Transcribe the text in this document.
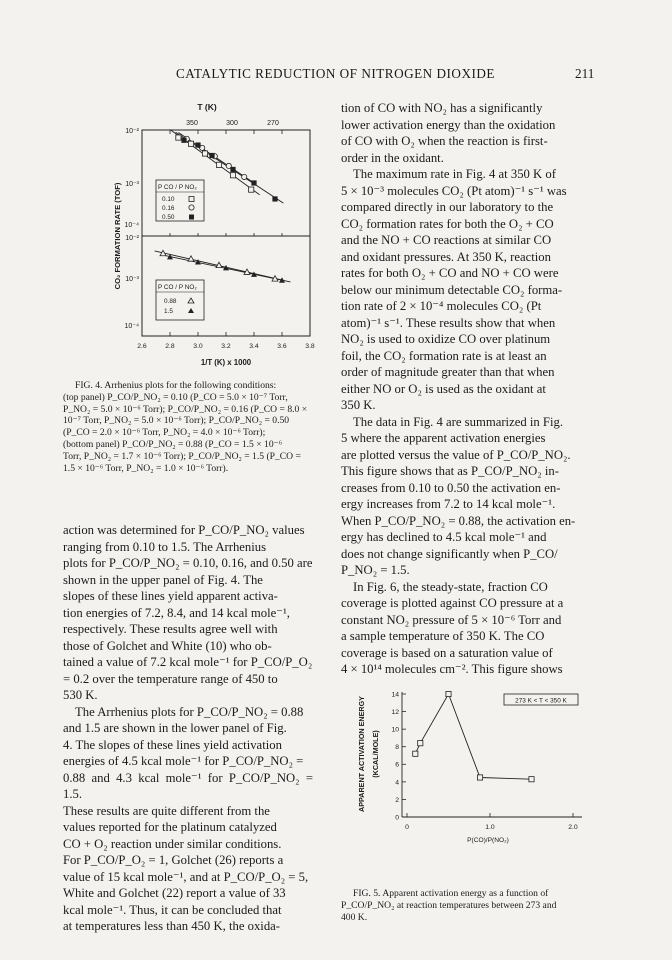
CATALYTIC REDUCTION OF NITROGEN DIOXIDE	211
T (K)
350	300	270
2.6	2.8	3.0	3.2	3.4	3.6	3.8
10⁻²
10⁻³
10⁻⁴
10⁻²
10⁻³
10⁻⁴
CO₂ FORMATION RATE (TOF)	P CO / P NO₂
0.10
0.16
0.50
P CO / P NO₂
0.88
1.5
1/T (K) x 1000
FIG. 4. Arrhenius plots for the following conditions:
(top panel) P_CO/P_NO₂ = 0.10 (P_CO = 5.0 × 10⁻⁷ Torr,
P_NO₂ = 5.0 × 10⁻⁶ Torr); P_CO/P_NO₂ = 0.16 (P_CO = 8.0 ×
10⁻⁷ Torr, P_NO₂ = 5.0 × 10⁻⁶ Torr); P_CO/P_NO₂ = 0.50
(P_CO = 2.0 × 10⁻⁶ Torr, P_NO₂ = 4.0 × 10⁻⁶ Torr);
(bottom panel) P_CO/P_NO₂ = 0.88 (P_CO = 1.5 × 10⁻⁶
Torr, P_NO₂ = 1.7 × 10⁻⁶ Torr); P_CO/P_NO₂ = 1.5 (P_CO =
1.5 × 10⁻⁶ Torr, P_NO₂ = 1.0 × 10⁻⁶ Torr).

action was determined for P_CO/P_NO₂ values

ranging from 0.10 to 1.5. The Arrhenius

plots for P_CO/P_NO₂ = 0.10, 0.16, and 0.50 are

shown in the upper panel of Fig. 4. The

slopes of these lines yield apparent activa-

tion energies of 7.2, 8.4, and 14 kcal mole⁻¹,

respectively. These results agree well with

those of Golchet and White (10) who ob-

tained a value of 7.2 kcal mole⁻¹ for P_CO/P_O₂

= 0.2 over the temperature range of 450 to

530 K.

The Arrhenius plots for P_CO/P_NO₂ = 0.88

and 1.5 are shown in the lower panel of Fig.

4. The slopes of these lines yield activation

energies of 4.5 kcal mole⁻¹ for P_CO/P_NO₂ =

0.88 and 4.3 kcal mole⁻¹ for P_CO/P_NO₂ = 1.5.

These results are quite different from the

values reported for the platinum catalyzed

CO + O₂ reaction under similar conditions.

For P_CO/P_O₂ = 1, Golchet (26) reports a

value of 15 kcal mole⁻¹, and at P_CO/P_O₂ = 5,

White and Golchet (22) report a value of 33

kcal mole⁻¹. Thus, it can be concluded that

at temperatures less than 450 K, the oxida-

tion of CO with NO₂ has a significantly

lower activation energy than the oxidation

of CO with O₂ when the reaction is first-

order in the oxidant.

The maximum rate in Fig. 4 at 350 K of

5 × 10⁻³ molecules CO₂ (Pt atom)⁻¹ s⁻¹ was

compared directly in our laboratory to the

CO₂ formation rates for both the O₂ + CO

and the NO + CO reactions at similar CO

and oxidant pressures. At 350 K, reaction

rates for both O₂ + CO and NO + CO were

below our minimum detectable CO₂ forma-

tion rate of 2 × 10⁻⁴ molecules CO₂ (Pt

atom)⁻¹ s⁻¹. These results show that when

NO₂ is used to oxidize CO over platinum

foil, the CO₂ formation rate is at least an

order of magnitude greater than that when

either NO or O₂ is used as the oxidant at

350 K.

The data in Fig. 4 are summarized in Fig.

5 where the apparent activation energies

are plotted versus the value of P_CO/P_NO₂.

This figure shows that as P_CO/P_NO₂ in-

creases from 0.10 to 0.50 the activation en-

ergy increases from 7.2 to 14 kcal mole⁻¹.

When P_CO/P_NO₂ = 0.88, the activation en-

ergy has declined to 4.5 kcal mole⁻¹ and

does not change significantly when P_CO/

P_NO₂ = 1.5.

In Fig. 6, the steady-state, fraction CO

coverage is plotted against CO pressure at a

constant NO₂ pressure of 5 × 10⁻⁶ Torr and

a sample temperature of 350 K. The CO

coverage is based on a saturation value of

4 × 10¹⁴ molecules cm⁻². This figure shows

APPARENT ACTIVATION ENERGY (KCAL/MOLE)
0
2
4
6
8
10
12
14
0	1.0	2.0
P(CO)/P(NO₂)
273 K < T < 350 K
FIG. 5. Apparent activation energy as a function of
P_CO/P_NO₂ at reaction temperatures between 273 and
400 K.
